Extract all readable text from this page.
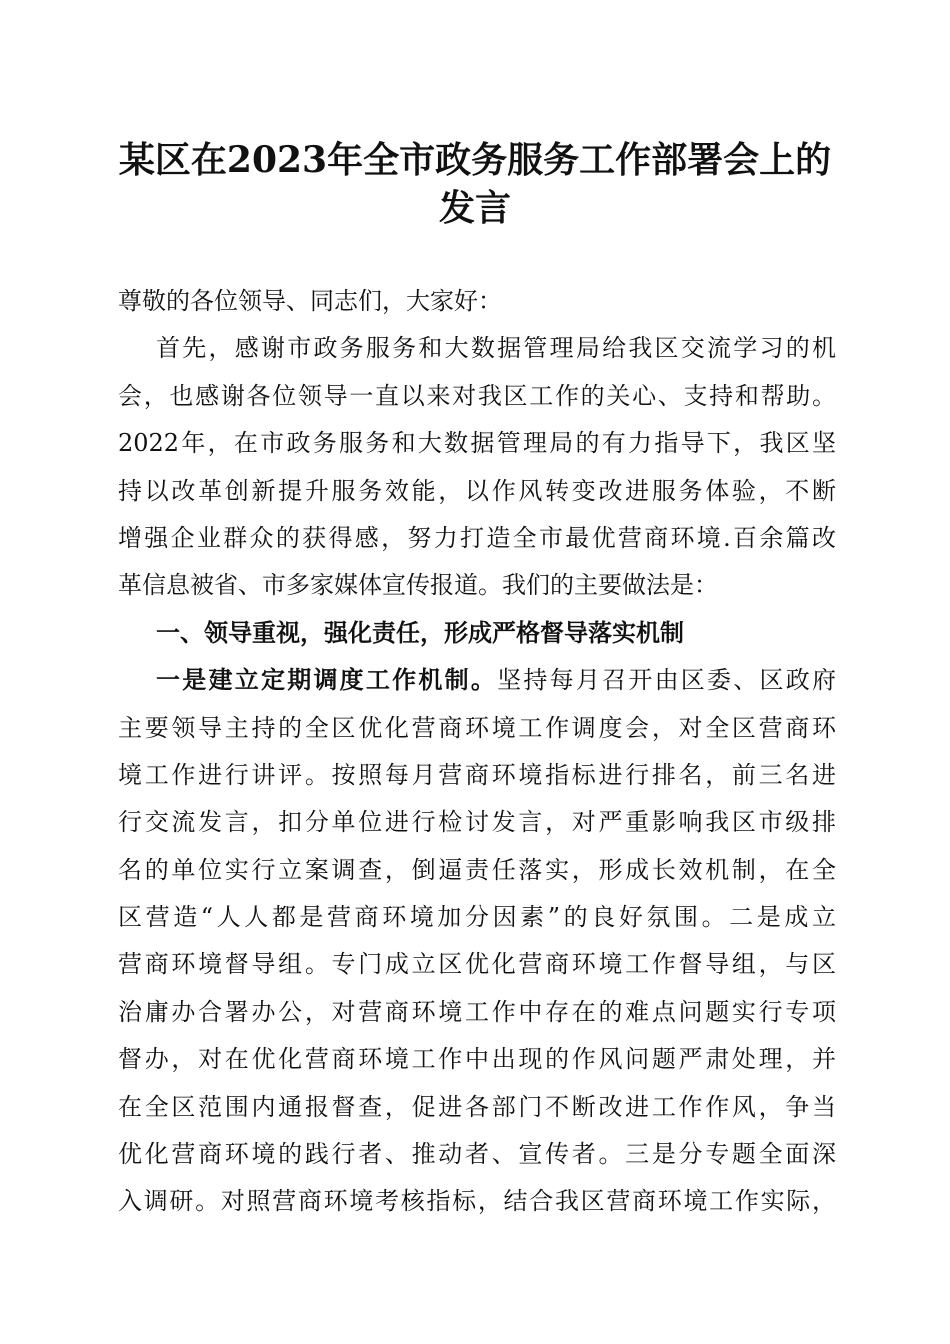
某区在2023年全市政务服务工作部署会上的
发言
尊敬的各位领导、同志们，大家好：
首先，感谢市政务服务和大数据管理局给我区交流学习的机
会，也感谢各位领导一直以来对我区工作的关心、支持和帮助。
2022年，在市政务服务和大数据管理局的有力指导下，我区坚
持以改革创新提升服务效能，以作风转变改进服务体验，不断
增强企业群众的获得感，努力打造全市最优营商环境.百余篇改
革信息被省、市多家媒体宣传报道。我们的主要做法是：
一、领导重视，强化责任，形成严格督导落实机制
一是建立定期调度工作机制。坚持每月召开由区委、区政府
主要领导主持的全区优化营商环境工作调度会，对全区营商环
境工作进行讲评。按照每月营商环境指标进行排名，前三名进
行交流发言，扣分单位进行检讨发言，对严重影响我区市级排
名的单位实行立案调查，倒逼责任落实，形成长效机制，在全
区营造“人人都是营商环境加分因素”的良好氛围。二是成立
营商环境督导组。专门成立区优化营商环境工作督导组，与区
治庸办合署办公，对营商环境工作中存在的难点问题实行专项
督办，对在优化营商环境工作中出现的作风问题严肃处理，并
在全区范围内通报督查，促进各部门不断改进工作作风，争当
优化营商环境的践行者、推动者、宣传者。三是分专题全面深
入调研。对照营商环境考核指标，结合我区营商环境工作实际，
